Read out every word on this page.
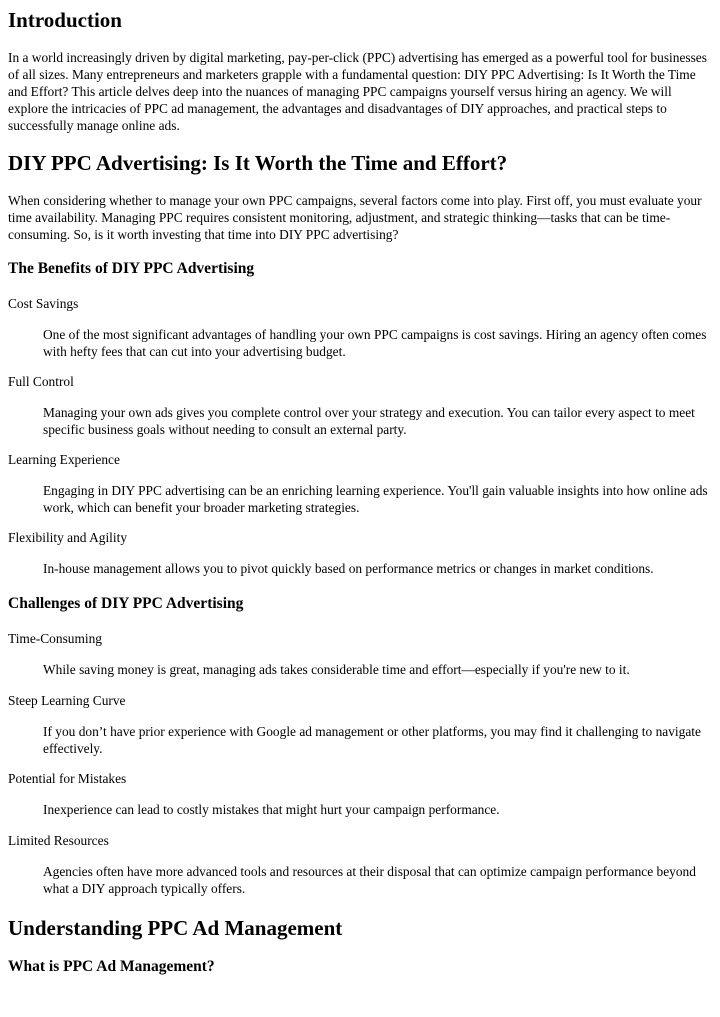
Introduction

In a world increasingly driven by digital marketing, pay-per-click (PPC) advertising has emerged as a powerful tool for businesses of all sizes. Many entrepreneurs and marketers grapple with a fundamental question: DIY PPC Advertising: Is It Worth the Time and Effort? This article delves deep into the nuances of managing PPC campaigns yourself versus hiring an agency. We will explore the intricacies of PPC ad management, the advantages and disadvantages of DIY approaches, and practical steps to successfully manage online ads.

DIY PPC Advertising: Is It Worth the Time and Effort?

When considering whether to manage your own PPC campaigns, several factors come into play. First off, you must evaluate your time availability. Managing PPC requires consistent monitoring, adjustment, and strategic thinking—tasks that can be time-consuming. So, is it worth investing that time into DIY PPC advertising?

The Benefits of DIY PPC Advertising
Cost Savings
One of the most significant advantages of handling your own PPC campaigns is cost savings. Hiring an agency often comes with hefty fees that can cut into your advertising budget.
Full Control
Managing your own ads gives you complete control over your strategy and execution. You can tailor every aspect to meet specific business goals without needing to consult an external party.
Learning Experience
Engaging in DIY PPC advertising can be an enriching learning experience. You'll gain valuable insights into how online ads work, which can benefit your broader marketing strategies.
Flexibility and Agility
In-house management allows you to pivot quickly based on performance metrics or changes in market conditions.
Challenges of DIY PPC Advertising
Time-Consuming
While saving money is great, managing ads takes considerable time and effort—especially if you're new to it.
Steep Learning Curve
If you don’t have prior experience with Google ad management or other platforms, you may find it challenging to navigate effectively.
Potential for Mistakes
Inexperience can lead to costly mistakes that might hurt your campaign performance.
Limited Resources
Agencies often have more advanced tools and resources at their disposal that can optimize campaign performance beyond what a DIY approach typically offers.
Understanding PPC Ad Management
What is PPC Ad Management?
